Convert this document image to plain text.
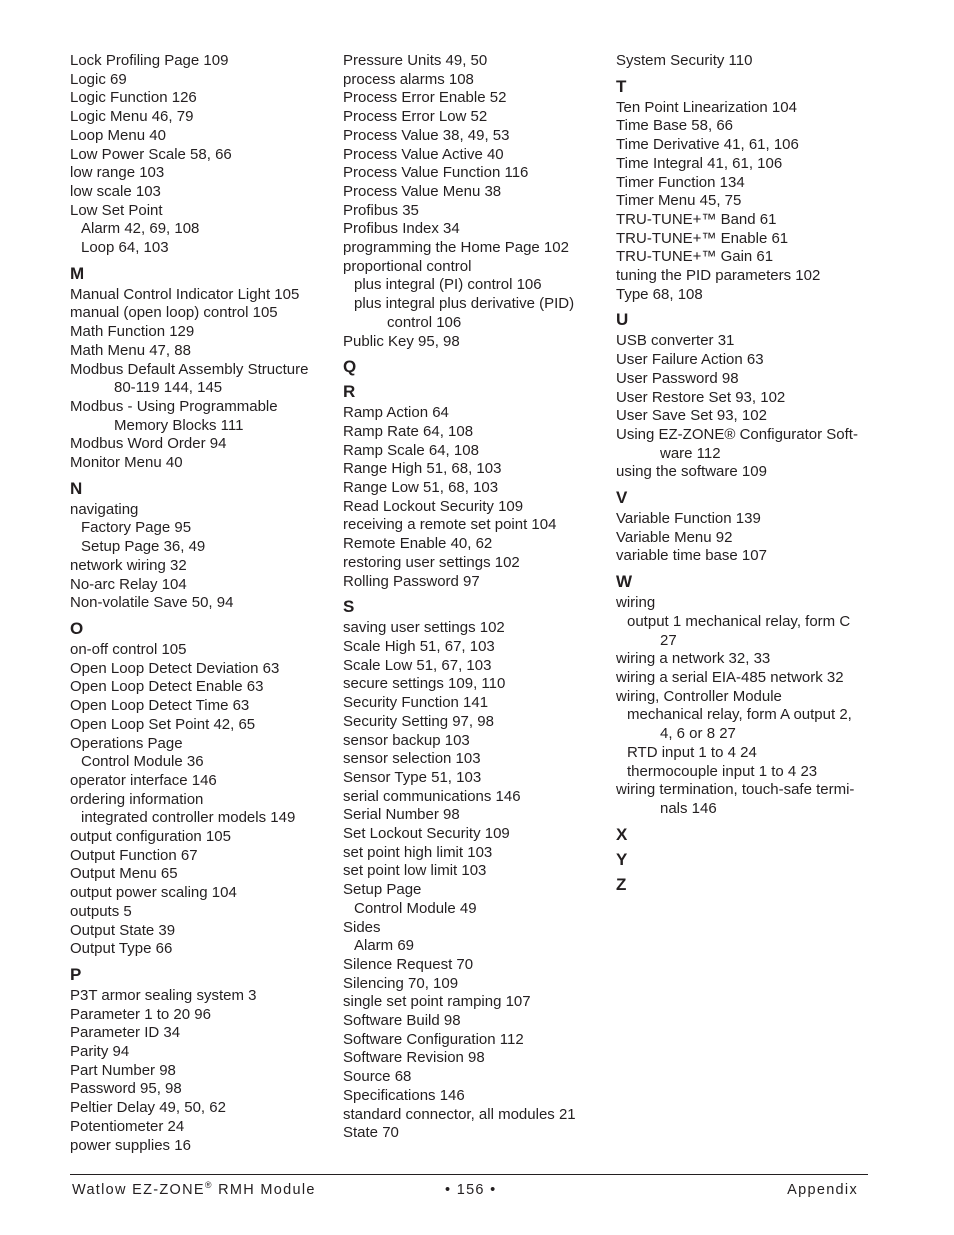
Lock Profiling Page 109
Logic 69
Logic Function 126
Logic Menu 46, 79
Loop Menu 40
Low Power Scale 58, 66
low range 103
low scale 103
Low Set Point
Alarm 42, 69, 108
Loop 64, 103
M
Manual Control Indicator Light 105
manual (open loop) control 105
Math Function 129
Math Menu 47, 88
Modbus Default Assembly Structure
80-119 144, 145
Modbus - Using Programmable
Memory Blocks 111
Modbus Word Order 94
Monitor Menu 40
N
navigating
Factory Page 95
Setup Page 36, 49
network wiring 32
No-arc Relay 104
Non-volatile Save 50, 94
O
on-off control 105
Open Loop Detect Deviation 63
Open Loop Detect Enable 63
Open Loop Detect Time 63
Open Loop Set Point 42, 65
Operations Page
Control Module 36
operator interface 146
ordering information
integrated controller models 149
output configuration 105
Output Function 67
Output Menu 65
output power scaling 104
outputs 5
Output State 39
Output Type 66
P
P3T armor sealing system 3
Parameter 1 to 20 96
Parameter ID 34
Parity 94
Part Number 98
Password 95, 98
Peltier Delay 49, 50, 62
Potentiometer 24
power supplies 16
Pressure Units 49, 50
process alarms 108
Process Error Enable 52
Process Error Low 52
Process Value 38, 49, 53
Process Value Active 40
Process Value Function 116
Process Value Menu 38
Profibus 35
Profibus Index 34
programming the Home Page 102
proportional control
plus integral (PI) control 106
plus integral plus derivative (PID)
control 106
Public Key 95, 98
Q
R
Ramp Action 64
Ramp Rate 64, 108
Ramp Scale 64, 108
Range High 51, 68, 103
Range Low 51, 68, 103
Read Lockout Security 109
receiving a remote set point 104
Remote Enable 40, 62
restoring user settings 102
Rolling Password 97
S
saving user settings 102
Scale High 51, 67, 103
Scale Low 51, 67, 103
secure settings 109, 110
Security Function 141
Security Setting 97, 98
sensor backup 103
sensor selection 103
Sensor Type 51, 103
serial communications 146
Serial Number 98
Set Lockout Security 109
set point high limit 103
set point low limit 103
Setup Page
Control Module 49
Sides
Alarm 69
Silence Request 70
Silencing 70, 109
single set point ramping 107
Software Build 98
Software Configuration 112
Software Revision 98
Source 68
Specifications 146
standard connector, all modules 21
State 70
System Security 110
T
Ten Point Linearization 104
Time Base 58, 66
Time Derivative 41, 61, 106
Time Integral 41, 61, 106
Timer Function 134
Timer Menu 45, 75
TRU-TUNE+™ Band 61
TRU-TUNE+™ Enable 61
TRU-TUNE+™ Gain 61
tuning the PID parameters 102
Type 68, 108
U
USB converter 31
User Failure Action 63
User Password 98
User Restore Set 93, 102
User Save Set 93, 102
Using EZ-ZONE® Configurator Soft-
ware 112
using the software 109
V
Variable Function 139
Variable Menu 92
variable time base 107
W
wiring
output 1 mechanical relay, form C
27
wiring a network 32, 33
wiring a serial EIA-485 network 32
wiring, Controller Module
mechanical relay, form A output 2,
4, 6 or 8 27
RTD input 1 to 4 24
thermocouple input 1 to 4 23
wiring termination, touch-safe termi-
nals 146
X
Y
Z
Watlow EZ-ZONE® RMH Module	• 156 •	Appendix
